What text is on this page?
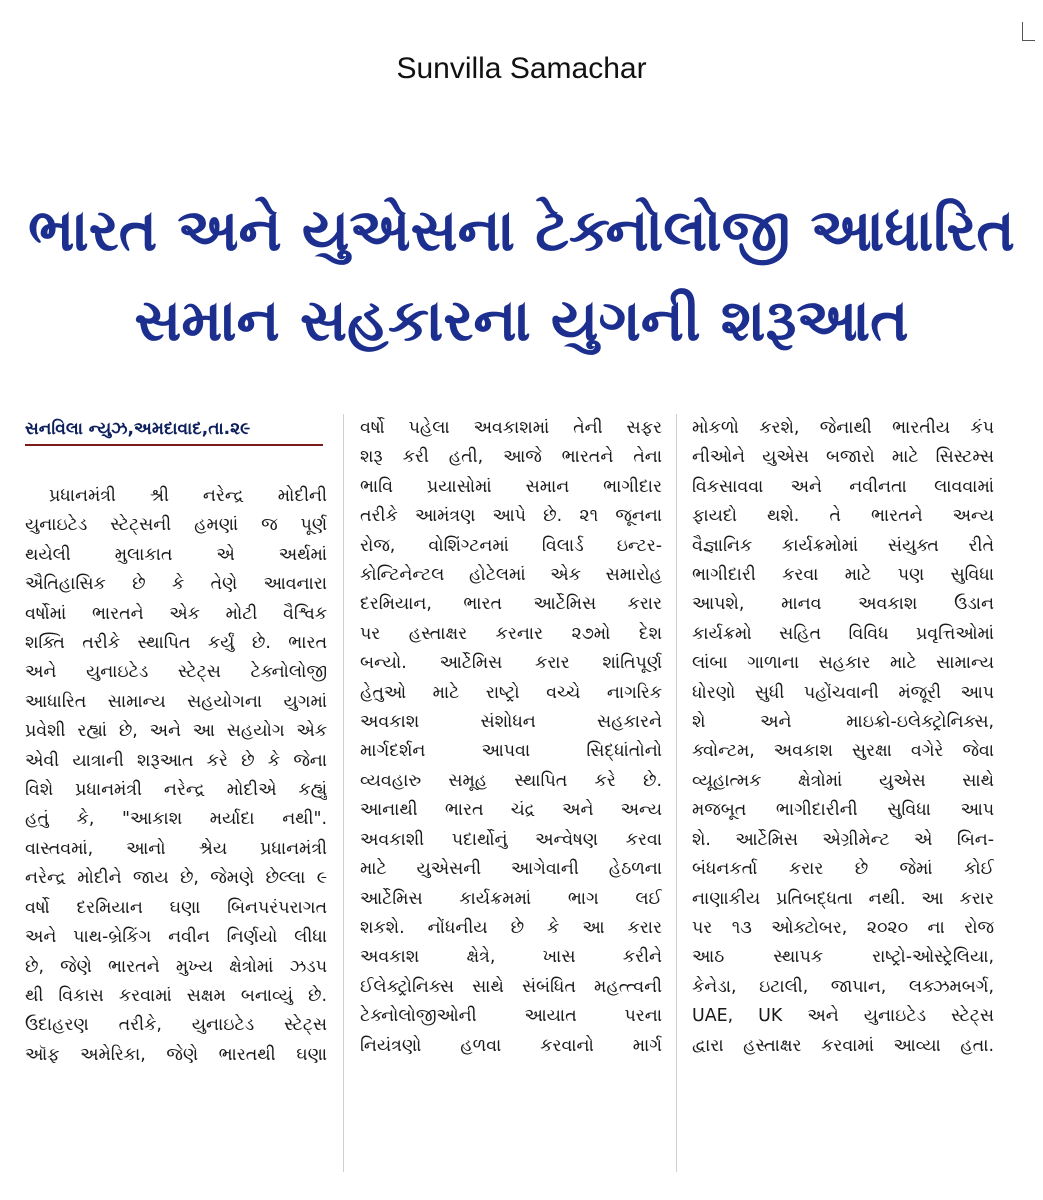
Sunvilla Samachar
ભારત અને યુએસના ટેક્નોલોજી આધારિત
સમાન સહકારના યુગની શરૂઆત
સનવિલા ન્યુઝ,અમદાવાદ,તા.૨૯
પ્રધાનમંત્રી શ્રી નરેન્દ્ર મોદીની
યુનાઇટેડ સ્ટેટ્સની હમણાં જ પૂર્ણ
થયેલી મુલાકાત એ અર્થમાં
ઐતિહાસિક છે કે તેણે આવનારા
વર્ષોમાં ભારતને એક મોટી વૈશ્વિક
શક્તિ તરીકે સ્થાપિત કર્યું છે. ભારત
અને યુનાઇટેડ સ્ટેટ્સ ટેક્નોલોજી
આધારિત સામાન્ય સહયોગના યુગમાં
પ્રવેશી રહ્યાં છે, અને આ સહયોગ એક
એવી યાત્રાની શરૂઆત કરે છે કે જેના
વિશે પ્રધાનમંત્રી નરેન્દ્ર મોદીએ કહ્યું
હતું કે, "આકાશ મર્યાદા નથી".
વાસ્તવમાં, આનો શ્રેય પ્રધાનમંત્રી
નરેન્દ્ર મોદીને જાય છે, જેમણે છેલ્લા ૯
વર્ષો દરમિયાન ઘણા બિનપરંપરાગત
અને પાથ-બ્રેકિંગ નવીન નિર્ણયો લીધા
છે, જેણે ભારતને મુખ્ય ક્ષેત્રોમાં ઝડપ
થી વિકાસ કરવામાં સક્ષમ બનાવ્યું છે.
ઉદાહરણ તરીકે, યુનાઇટેડ સ્ટેટ્સ
ઑફ અમેરિકા, જેણે ભારતથી ઘણા
વર્ષો પહેલા અવકાશમાં તેની સફર
શરૂ કરી હતી, આજે ભારતને તેના
ભાવિ પ્રયાસોમાં સમાન ભાગીદાર
તરીકે આમંત્રણ આપે છે. ૨૧ જૂનના
રોજ, વોશિંગ્ટનમાં વિલાર્ડ ઇન્ટર-
કોન્ટિનેન્ટલ હોટેલમાં એક સમારોહ
દરમિયાન, ભારત આર્ટેમિસ કરાર
પર હસ્તાક્ષર કરનાર ૨૭મો દેશ
બન્યો. આર્ટેમિસ કરાર શાંતિપૂર્ણ
હેતુઓ માટે રાષ્ટ્રો વચ્ચે નાગરિક
અવકાશ સંશોધન સહકારને
માર્ગદર્શન આપવા સિદ્ધાંતોનો
વ્યવહારુ સમૂહ સ્થાપિત કરે છે.
આનાથી ભારત ચંદ્ર અને અન્ય
અવકાશી પદાર્થોનું અન્વેષણ કરવા
માટે યુએસની આગેવાની હેઠળના
આર્ટેમિસ કાર્યક્રમમાં ભાગ લઈ
શકશે. નોંધનીય છે કે આ કરાર
અવકાશ ક્ષેત્રે, ખાસ કરીને
ઈલેક્ટ્રોનિક્સ સાથે સંબંધિત મહત્ત્વની
ટેક્નોલોજીઓની આયાત પરના
નિયંત્રણો હળવા કરવાનો માર્ગ
મોકળો કરશે, જેનાથી ભારતીય કંપ
નીઓને યુએસ બજારો માટે સિસ્ટમ્સ
વિકસાવવા અને નવીનતા લાવવામાં
ફાયદો થશે. તે ભારતને અન્ય
વૈજ્ઞાનિક કાર્યક્રમોમાં સંયુક્ત રીતે
ભાગીદારી કરવા માટે પણ સુવિધા
આપશે, માનવ અવકાશ ઉડાન
કાર્યક્રમો સહિત વિવિધ પ્રવૃત્તિઓમાં
લાંબા ગાળાના સહકાર માટે સામાન્ય
ધોરણો સુધી પહોંચવાની મંજૂરી આપ
શે અને માઇક્રો-ઇલેક્ટ્રોનિક્સ,
ક્વોન્ટમ, અવકાશ સુરક્ષા વગેરે જેવા
વ્યૂહાત્મક ક્ષેત્રોમાં યુએસ સાથે
મજબૂત ભાગીદારીની સુવિધા આપ
શે. આર્ટેમિસ એગ્રીમેન્ટ એ બિન-
બંધનકર્તા કરાર છે જેમાં કોઈ
નાણાકીય પ્રતિબદ્ધતા નથી. આ કરાર
પર ૧૩ ઓક્ટોબર, ૨૦૨૦ ના રોજ
આઠ સ્થાપક રાષ્ટ્રો-ઓસ્ટ્રેલિયા,
કેનેડા, ઇટાલી, જાપાન, લક્ઝમબર્ગ,
UAE, UK અને યુનાઇટેડ સ્ટેટ્સ
દ્વારા હસ્તાક્ષર કરવામાં આવ્યા હતા.
